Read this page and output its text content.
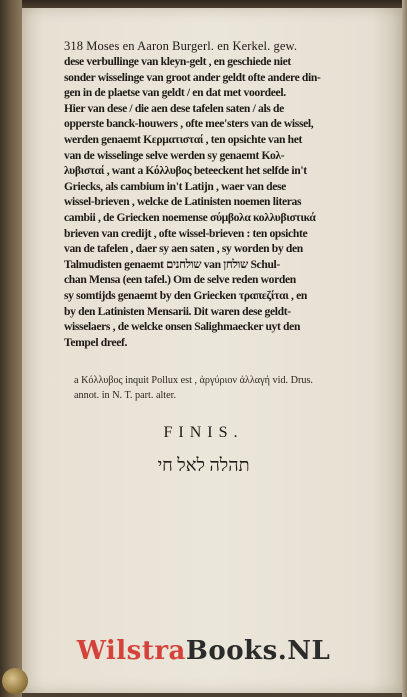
318 Moses en Aaron Burgerl. en Kerkel. gew.
dese verbullinge van kleyn-gelt , en geschiede niet
sonder wisselinge van groot ander geldt ofte andere din-
gen in de plaetse van geldt / en dat met voordeel.
Hier van dese / die aen dese tafelen saten / als de
opperste banck-houwers , ofte mee'sters van de wissel,
werden genaemt Κερματισταί , ten opsichte van het
van de wisselinge selve werden sy genaemt Κολ-
λυβισταί , want a Κόλλυβος beteeckent het selfde in't
Griecks, als cambium in't Latijn , waer van dese
wissel-brieven , welcke de Latinisten noemen literas
cambii , de Griecken noemense σύμβολα κολλυβιστικά
brieven van credijt , ofte wissel-brieven : ten opsichte
van de tafelen , daer sy aen saten , sy worden by den
Talmudisten genaemt שולחנים van שולחן Schul-
chan Mensa (een tafel.) Om de selve reden worden
sy somtijds genaemt by den Griecken τραπεζίται , en
by den Latinisten Mensarii. Dit waren dese geldt-
wisselaers , de welcke onsen Salighmaecker uyt den
Tempel dreef.
a Κόλλυβος inquit Pollux est , ἀργύριον ἀλλαγή vid. Drus.
annot. in N. T. part. alter.
FINIS.
תהלה לאל חי
WilstraBooks.NL
